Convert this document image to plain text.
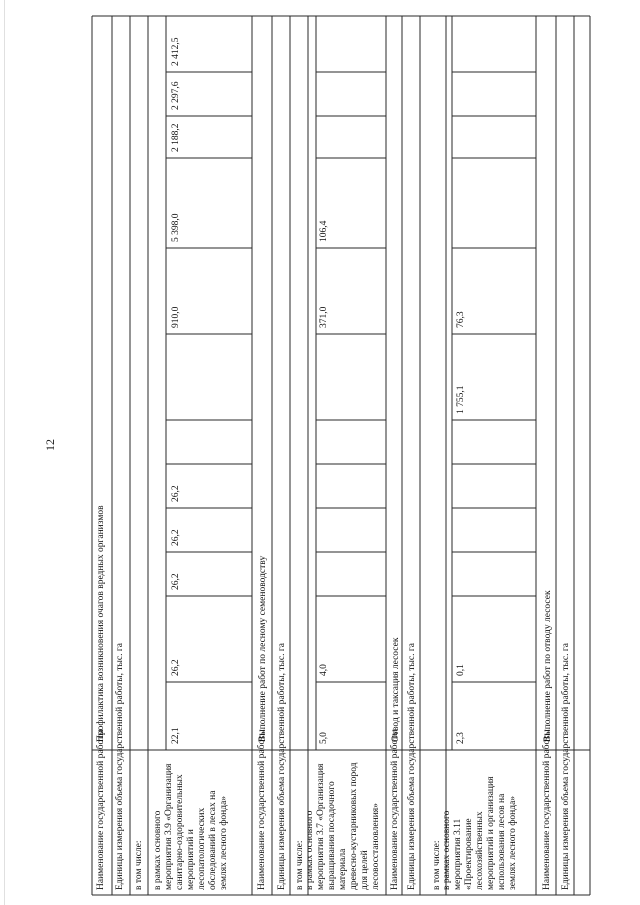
12
Профилактика возникновения очагов вредных организмов
Наименование государственной работы Единицы измерения объема государственной работы, тыс. га в том числе: в рамках основногомероприятия 3.9 «Организациясанитарно-оздоровительныхмероприятий илесопатологическихобследований в лесах наземлях лесного фонда»
Выполнение работ по лесному семеноводству
Наименование государственной работы Единицы измерения объема государственной работы, тыс. га в том числе: в рамках основногомероприятия 3.7 «Организациявыращивания посадочногоматериаладревесно-кустарниковых породдля целейлесовосстановления»
Отвод и таксация лесосек
Наименование государственной работы Единицы измерения объема государственной работы, тыс. га в том числе: в рамках основногомероприятия 3.11«Проектированиелесохозяйственныхмероприятий и организацияиспользования лесов наземлях лесного фонда»
Выполнение работ по отводу лесосек
Наименование государственной работы Единицы измерения объема государственной работы, тыс. га
22,1
26,2
26,2
26,2
26,2
910,0
5 398,0
2 188,2
2 297,6
2 412,5
5,0
4,0
371,0
106,4
2,3
0,1
1 755,1
76,3
